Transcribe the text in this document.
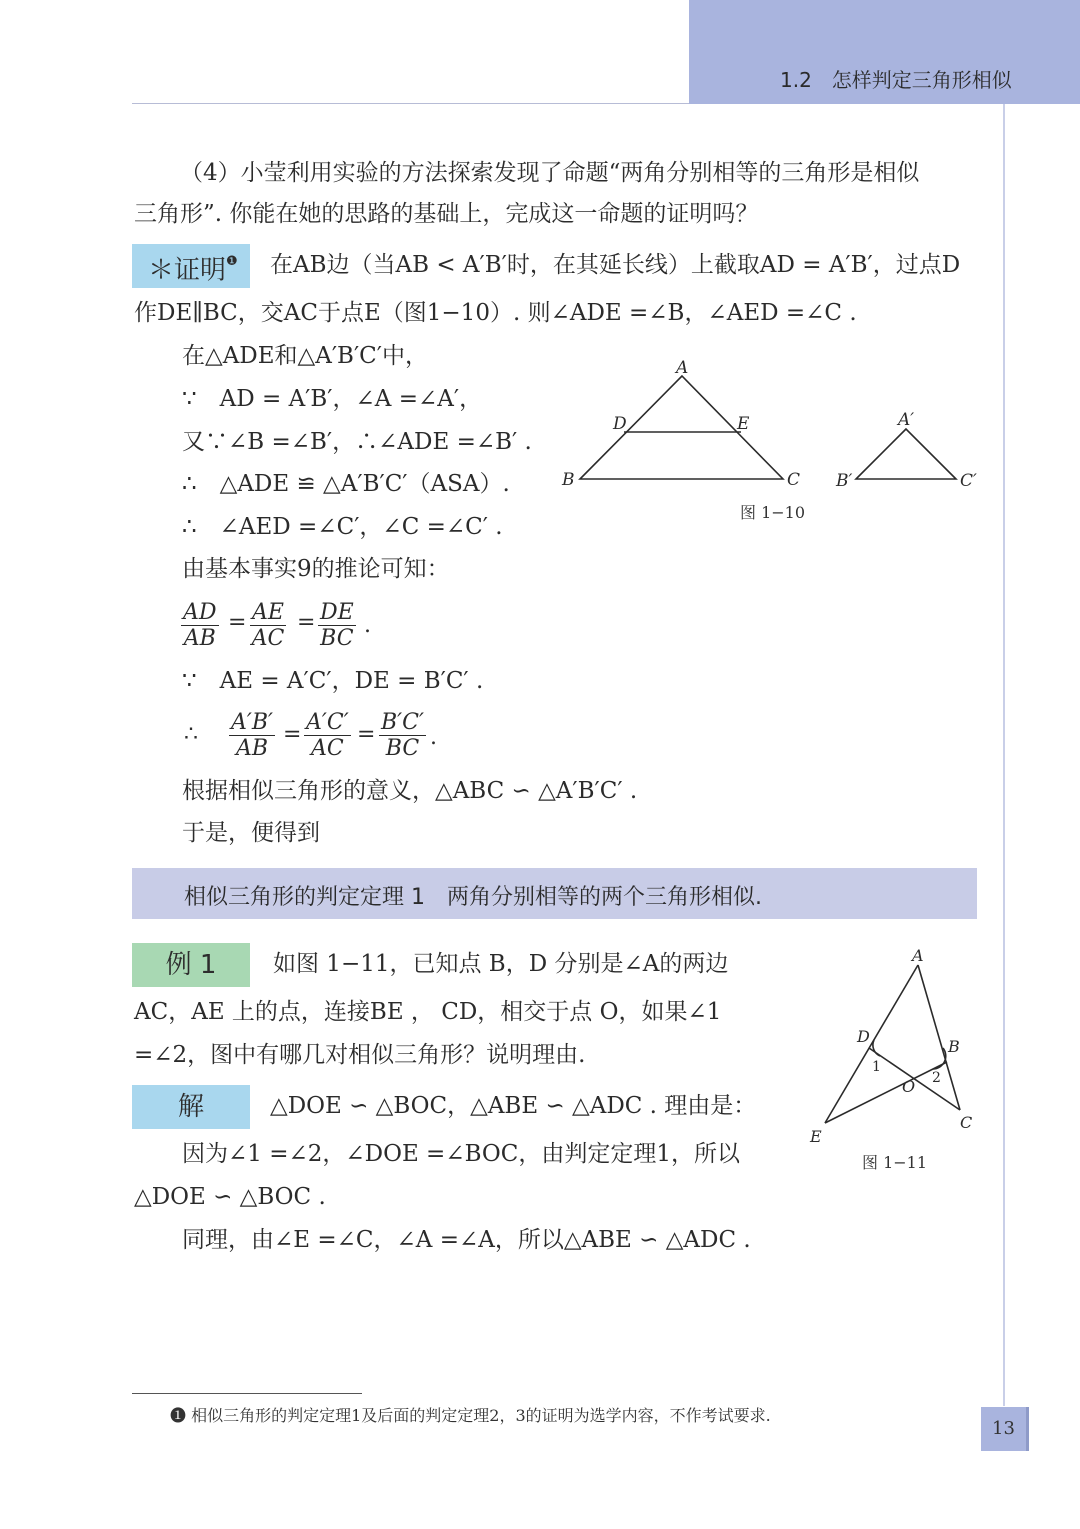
1.2　怎样判定三角形相似
（4）小莹利用实验的方法探索发现了命题“两角分别相等的三角形是相似
三角形”. 你能在她的思路的基础上，完成这一命题的证明吗？
＊证明$^❶$	在AB边（当AB < A′B′时，在其延长线）上截取AD = A′B′，过点D
作DE∥BC，交AC于点E（图1−10）. 则∠ADE =∠B，∠AED =∠C .
在△ADE和△A′B′C′中，
∵　AD = A′B′，∠A =∠A′，
又∵∠B =∠B′，∴∠ADE =∠B′ .
∴　△ADE ≌ △A′B′C′（ASA）.
∴　∠AED =∠C′，∠C =∠C′ .
由基本事实9的推论可知：
$\frac{AD}{AB} = \frac{AE}{AC} = \frac{DE}{BC}$ .
∵　AE = A′C′，DE = B′C′ .
∴ $\frac{A'B'}{AB} = \frac{A'C'}{AC} = \frac{B'C'}{BC}$ .
根据相似三角形的意义，△ABC ∽ △A′B′C′ .
于是，便得到
A
B	C
D	E	A′
B′	C′
图 1−10
相似三角形的判定定理 1　两角分别相等的两个三角形相似.
例 1	如图 1−11，已知点 B，D 分别是∠A的两边
AC，AE 上的点，连接BE ， CD，相交于点 O，如果∠1
=∠2，图中有哪几对相似三角形？说明理由.
解	△DOE ∽ △BOC，△ABE ∽ △ADC . 理由是：
因为∠1 =∠2，∠DOE =∠BOC，由判定定理1，所以
△DOE ∽ △BOC .
同理，由∠E =∠C，∠A =∠A，所以△ABE ∽ △ADC .
A
B
C
D
E
O
1
2
图 1−11
❶ 相似三角形的判定定理1及后面的判定定理2，3的证明为选学内容，不作考试要求.
13
